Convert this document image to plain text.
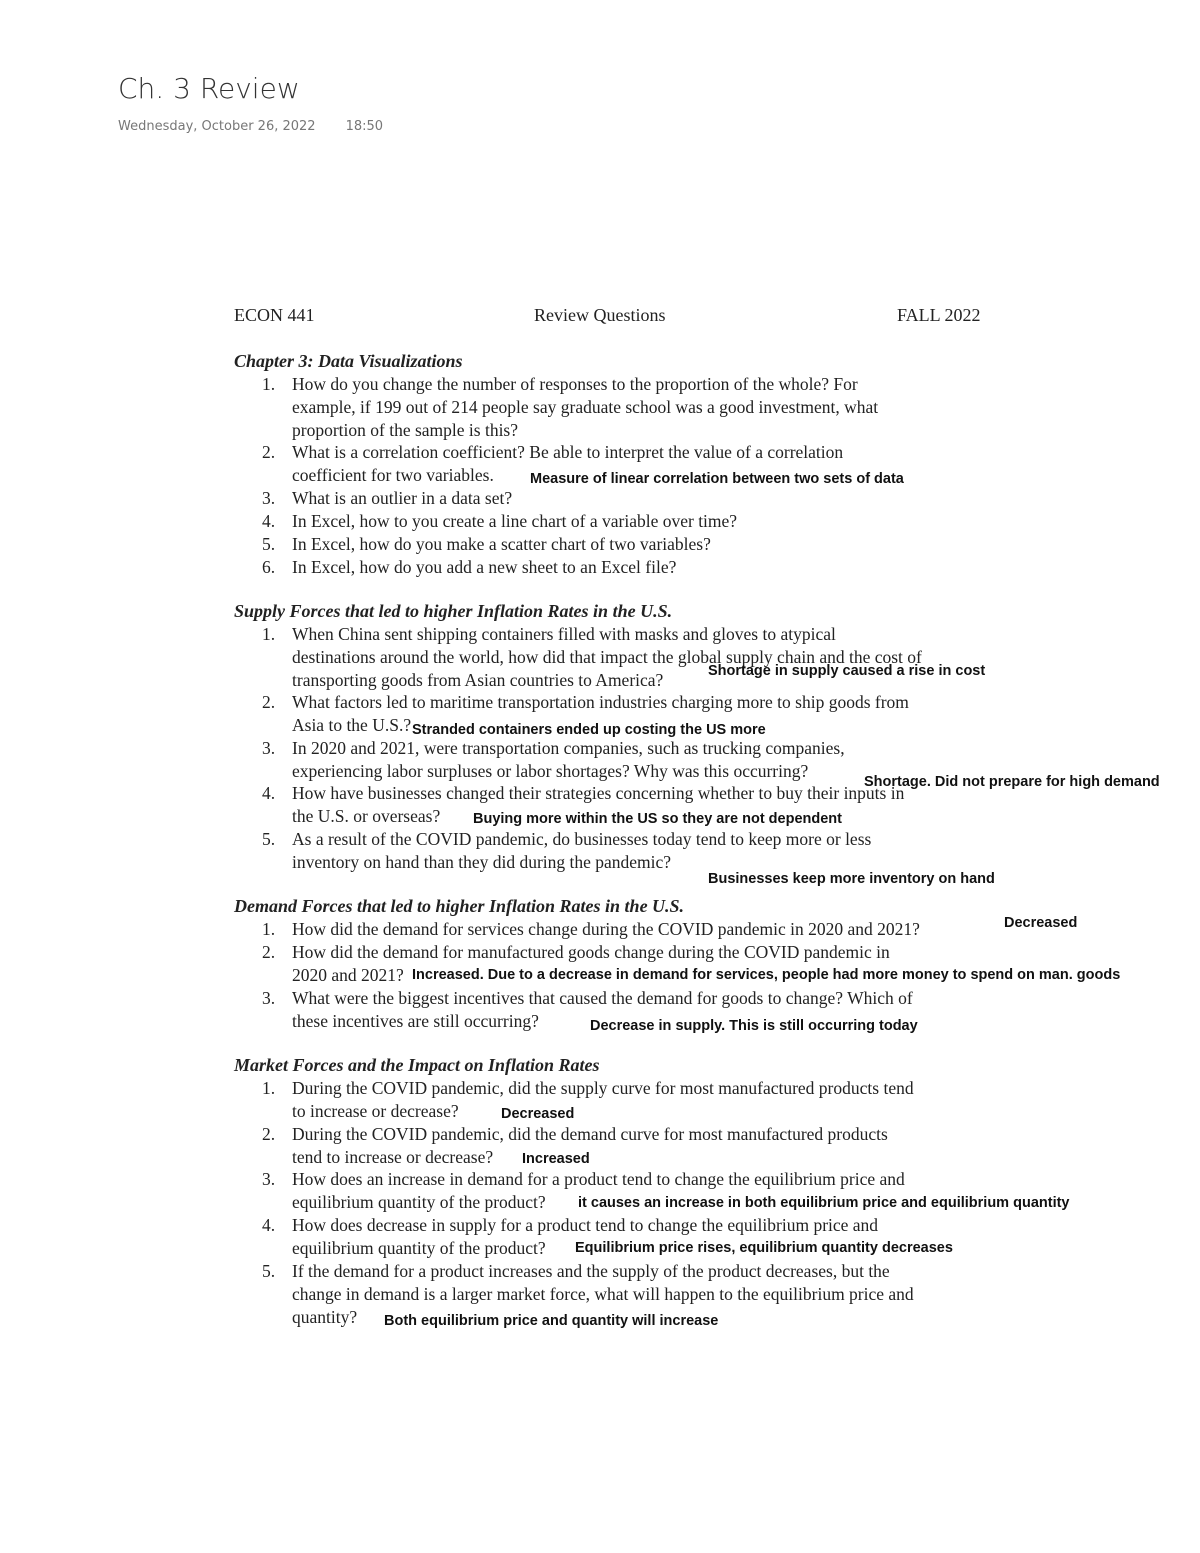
Ch. 3 Review
Wednesday, October 26, 2022 18:50
ECON 441	Review Questions	FALL 2022
Chapter 3: Data Visualizations
1. How do you change the number of responses to the proportion of the whole? For
example, if 199 out of 214 people say graduate school was a good investment, what
proportion of the sample is this?
2. What is a correlation coefficient? Be able to interpret the value of a correlation
coefficient for two variables. Measure of linear correlation between two sets of data
3. What is an outlier in a data set?
4. In Excel, how to you create a line chart of a variable over time?
5. In Excel, how do you make a scatter chart of two variables?
6. In Excel, how do you add a new sheet to an Excel file?
Supply Forces that led to higher Inflation Rates in the U.S.
1. When China sent shipping containers filled with masks and gloves to atypical
destinations around the world, how did that impact the global supply chain and the cost of
transporting goods from Asian countries to America?	Shortage in supply caused a rise in cost
2. What factors led to maritime transportation industries charging more to ship goods from
Asia to the U.S.? Stranded containers ended up costing the US more
3. In 2020 and 2021, were transportation companies, such as trucking companies,
experiencing labor surpluses or labor shortages? Why was this occurring?
Shortage. Did not prepare for high demand
4. How have businesses changed their strategies concerning whether to buy their inputs in
the U.S. or overseas? Buying more within the US so they are not dependent
5. As a result of the COVID pandemic, do businesses today tend to keep more or less
inventory on hand than they did during the pandemic?
Businesses keep more inventory on hand
Demand Forces that led to higher Inflation Rates in the U.S.
1. How did the demand for services change during the COVID pandemic in 2020 and 2021?	Decreased
2. How did the demand for manufactured goods change during the COVID pandemic in
2020 and 2021? Increased. Due to a decrease in demand for services, people had more money to spend on man. goods
3. What were the biggest incentives that caused the demand for goods to change? Which of
these incentives are still occurring?	Decrease in supply. This is still occurring today
Market Forces and the Impact on Inflation Rates
1. During the COVID pandemic, did the supply curve for most manufactured products tend
to increase or decrease?	Decreased
2. During the COVID pandemic, did the demand curve for most manufactured products
tend to increase or decrease? Increased
3. How does an increase in demand for a product tend to change the equilibrium price and
equilibrium quantity of the product? it causes an increase in both equilibrium price and equilibrium quantity
4. How does decrease in supply for a product tend to change the equilibrium price and
equilibrium quantity of the product? Equilibrium price rises, equilibrium quantity decreases
5. If the demand for a product increases and the supply of the product decreases, but the
change in demand is a larger market force, what will happen to the equilibrium price and
quantity? Both equilibrium price and quantity will increase
